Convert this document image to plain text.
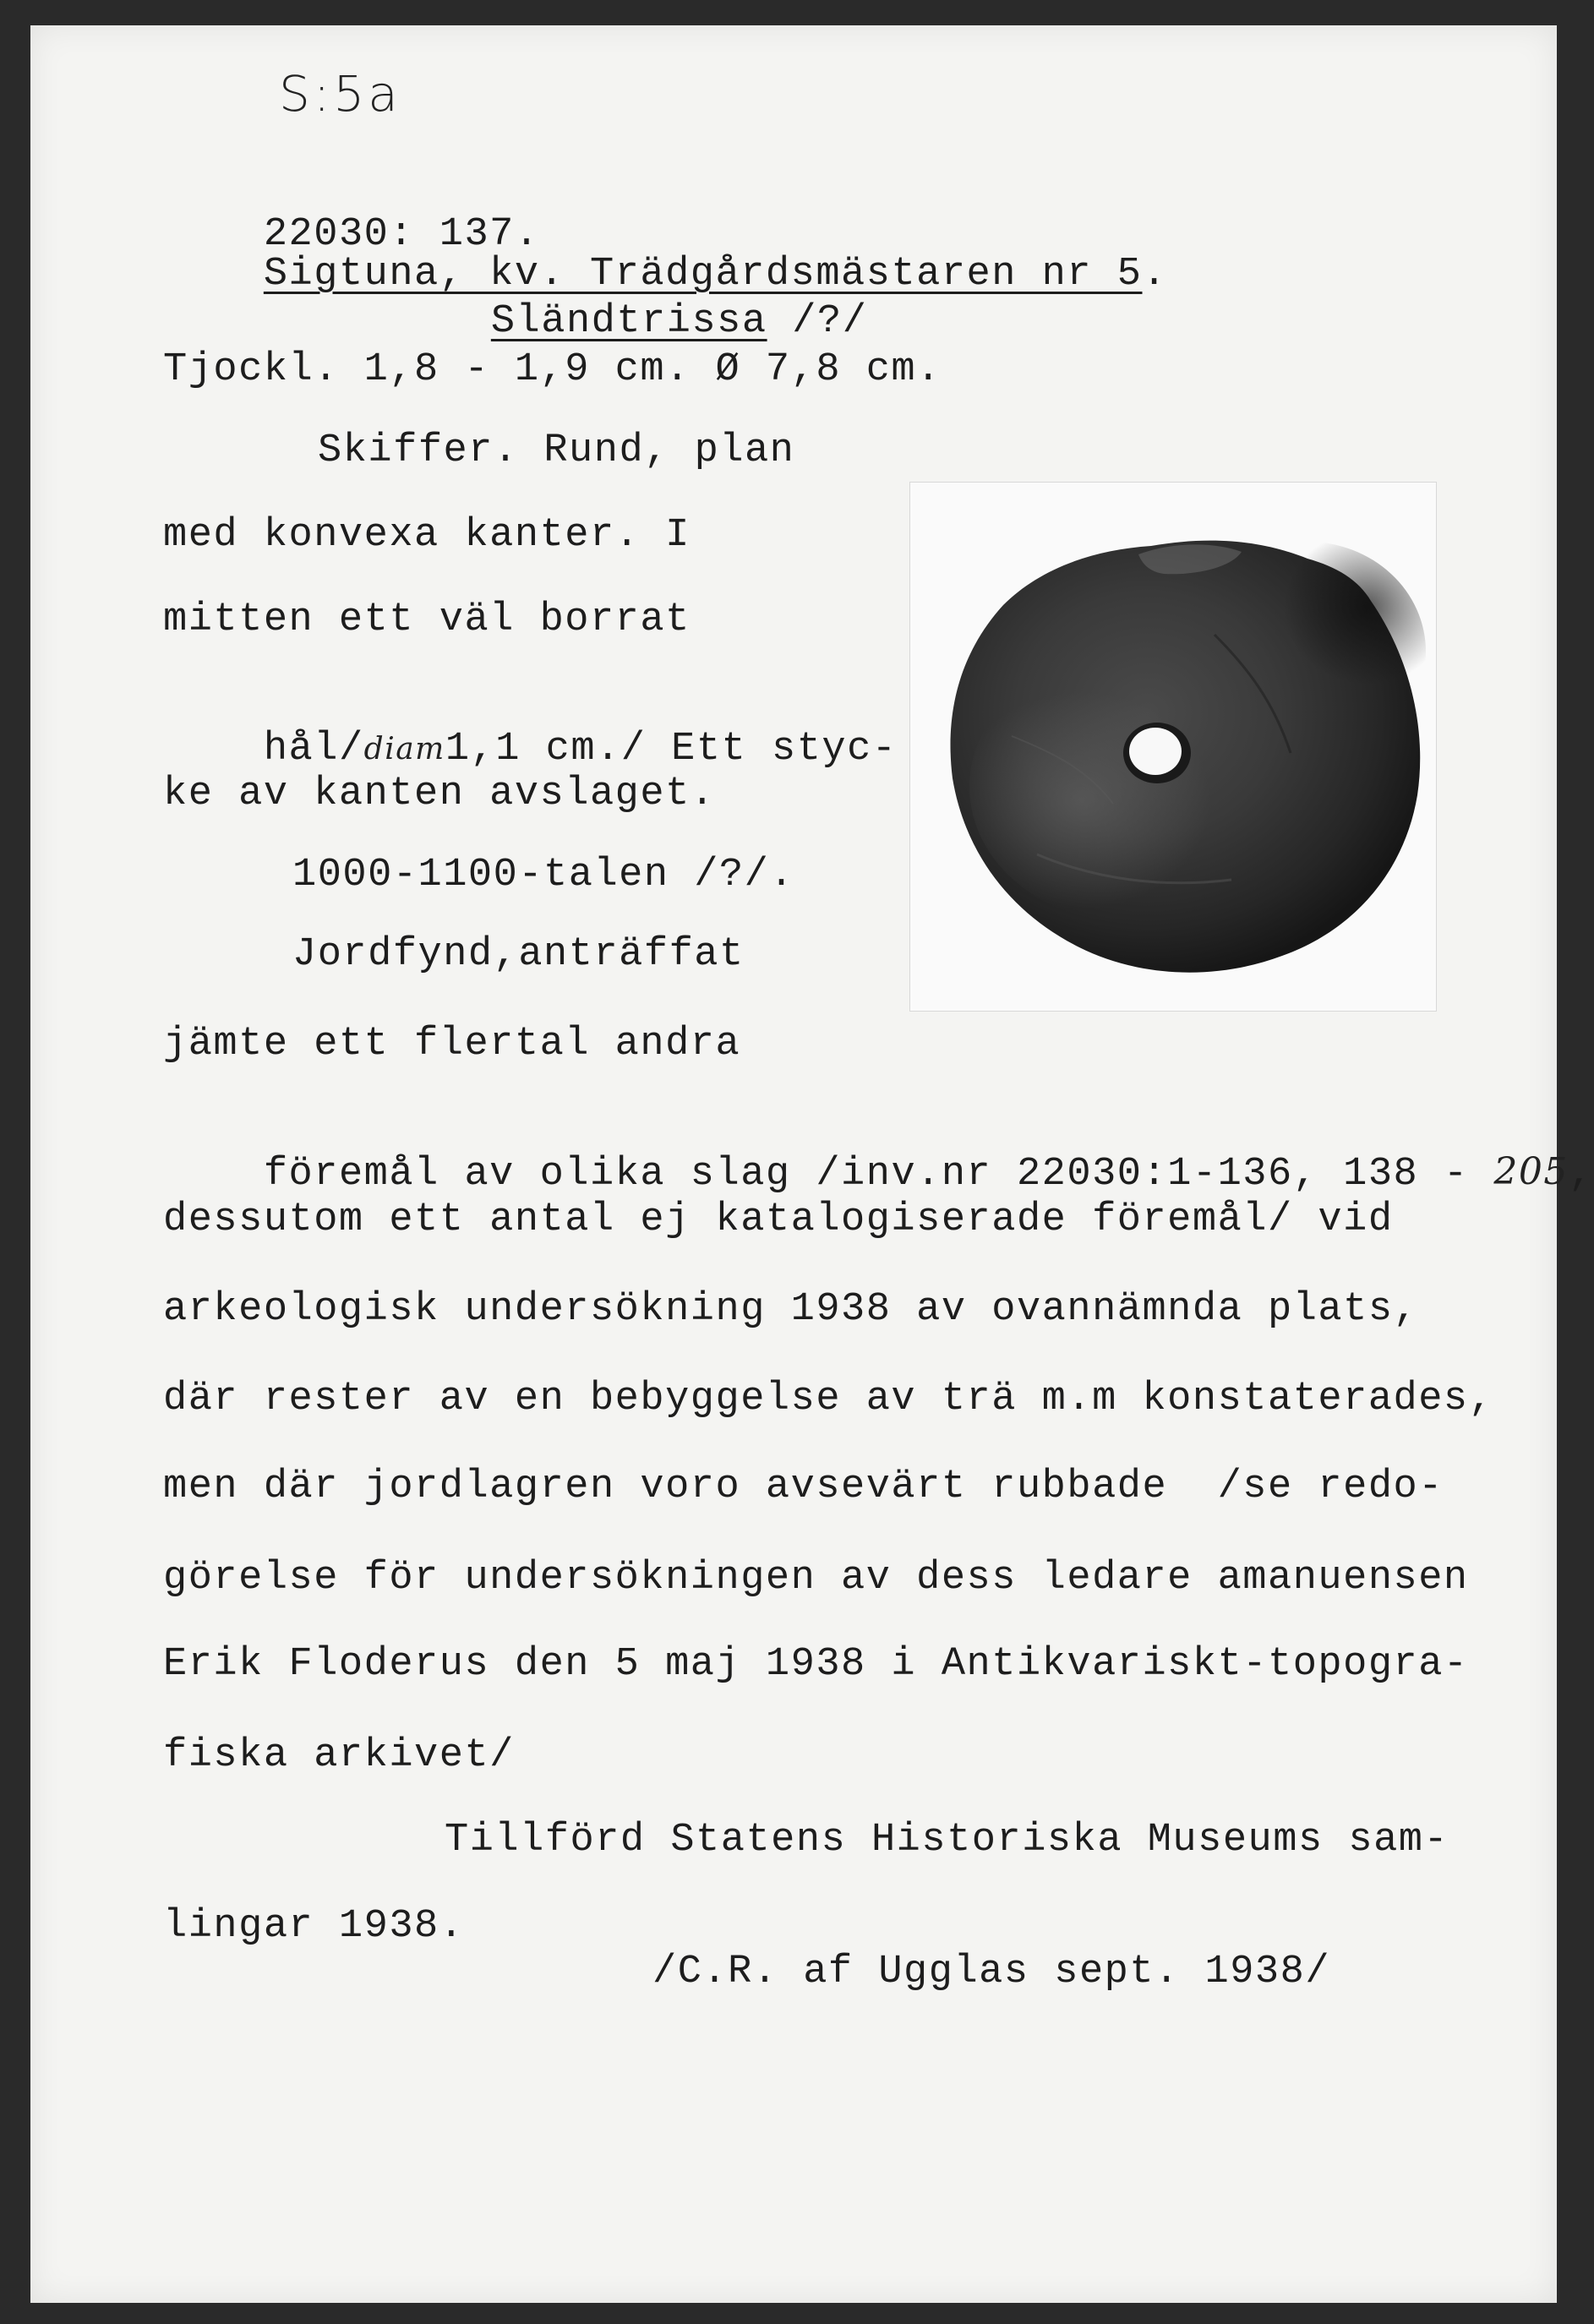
S:5a

22030: 137.
Sigtuna, kv. Trädgårdsmästaren nr 5.

Sländtrissa /?/

Tjockl. 1,8 - 1,9 cm. Ø 7,8 cm.
Skiffer. Rund, plan
med konvexa kanter. I
mitten ett väl borrat

hål/diam1,1 cm./ Ett styc-

ke av kanten avslaget.
1000-1100-talen /?/.
Jordfynd,anträffat
jämte ett flertal andra

föremål av olika slag /inv.nr 22030:1-136, 138 - 205,

dessutom ett antal ej katalogiserade föremål/ vid
arkeologisk undersökning 1938 av ovannämnda plats,
där rester av en bebyggelse av trä m.m konstaterades,
men där jordlagren voro avsevärt rubbade  /se redo-
görelse för undersökningen av dess ledare amanuensen
Erik Floderus den 5 maj 1938 i Antikvariskt-topogra-
fiska arkivet/
Tillförd Statens Historiska Museums sam-
lingar 1938.
/C.R. af Ugglas sept. 1938/
